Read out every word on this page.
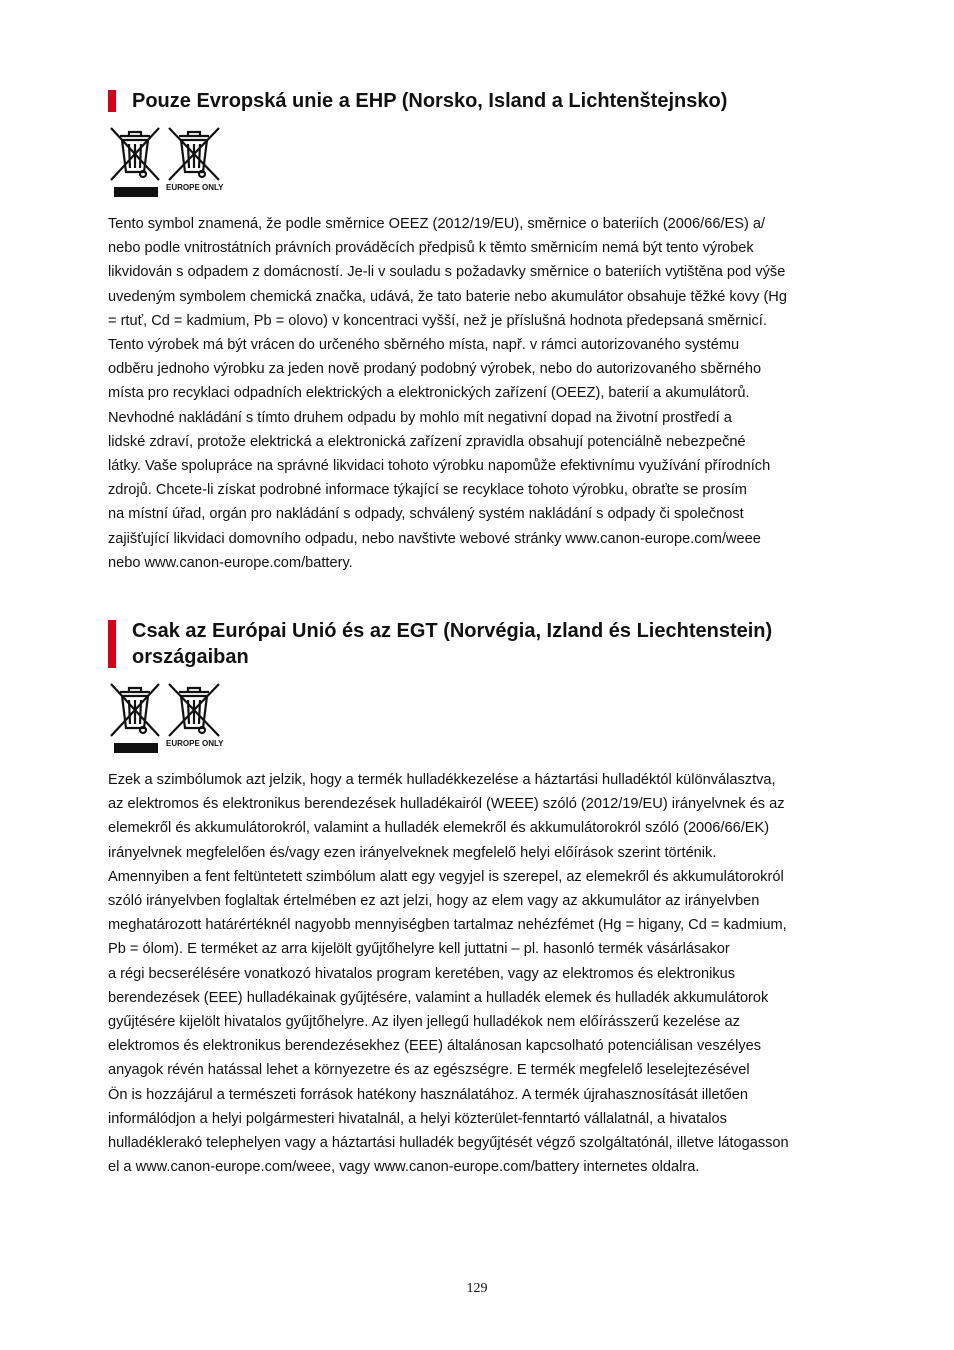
Pouze Evropská unie a EHP (Norsko, Island a Lichtenštejnsko)
EUROPE ONLY
Tento symbol znamená, že podle směrnice OEEZ (2012/19/EU), směrnice o bateriích (2006/66/ES) a/
nebo podle vnitrostátních právních prováděcích předpisů k těmto směrnicím nemá být tento výrobek
likvidován s odpadem z domácností. Je-li v souladu s požadavky směrnice o bateriích vytištěna pod výše
uvedeným symbolem chemická značka, udává, že tato baterie nebo akumulátor obsahuje těžké kovy (Hg
= rtuť, Cd = kadmium, Pb = olovo) v koncentraci vyšší, než je příslušná hodnota předepsaná směrnicí.
Tento výrobek má být vrácen do určeného sběrného místa, např. v rámci autorizovaného systému
odběru jednoho výrobku za jeden nově prodaný podobný výrobek, nebo do autorizovaného sběrného
místa pro recyklaci odpadních elektrických a elektronických zařízení (OEEZ), baterií a akumulátorů.
Nevhodné nakládání s tímto druhem odpadu by mohlo mít negativní dopad na životní prostředí a
lidské zdraví, protože elektrická a elektronická zařízení zpravidla obsahují potenciálně nebezpečné
látky. Vaše spolupráce na správné likvidaci tohoto výrobku napomůže efektivnímu využívání přírodních
zdrojů. Chcete-li získat podrobné informace týkající se recyklace tohoto výrobku, obraťte se prosím
na místní úřad, orgán pro nakládání s odpady, schválený systém nakládání s odpady či společnost
zajišťující likvidaci domovního odpadu, nebo navštivte webové stránky www.canon-europe.com/weee
nebo www.canon-europe.com/battery.
Csak az Európai Unió és az EGT (Norvégia, Izland és Liechtenstein)
országaiban
EUROPE ONLY
Ezek a szimbólumok azt jelzik, hogy a termék hulladékkezelése a háztartási hulladéktól különválasztva,
az elektromos és elektronikus berendezések hulladékairól (WEEE) szóló (2012/19/EU) irányelvnek és az
elemekről és akkumulátorokról, valamint a hulladék elemekről és akkumulátorokról szóló (2006/66/EK)
irányelvnek megfelelően és/vagy ezen irányelveknek megfelelő helyi előírások szerint történik.
Amennyiben a fent feltüntetett szimbólum alatt egy vegyjel is szerepel, az elemekről és akkumulátorokról
szóló irányelvben foglaltak értelmében ez azt jelzi, hogy az elem vagy az akkumulátor az irányelvben
meghatározott határértéknél nagyobb mennyiségben tartalmaz nehézfémet (Hg = higany, Cd = kadmium,
Pb = ólom). E terméket az arra kijelölt gyűjtőhelyre kell juttatni – pl. hasonló termék vásárlásakor
a régi becserélésére vonatkozó hivatalos program keretében, vagy az elektromos és elektronikus
berendezések (EEE) hulladékainak gyűjtésére, valamint a hulladék elemek és hulladék akkumulátorok
gyűjtésére kijelölt hivatalos gyűjtőhelyre. Az ilyen jellegű hulladékok nem előírásszerű kezelése az
elektromos és elektronikus berendezésekhez (EEE) általánosan kapcsolható potenciálisan veszélyes
anyagok révén hatással lehet a környezetre és az egészségre. E termék megfelelő leselejtezésével
Ön is hozzájárul a természeti források hatékony használatához. A termék újrahasznosítását illetően
informálódjon a helyi polgármesteri hivatalnál, a helyi közterület-fenntartó vállalatnál, a hivatalos
hulladéklerakó telephelyen vagy a háztartási hulladék begyűjtését végző szolgáltatónál, illetve látogasson
el a www.canon-europe.com/weee, vagy www.canon-europe.com/battery internetes oldalra.
129
